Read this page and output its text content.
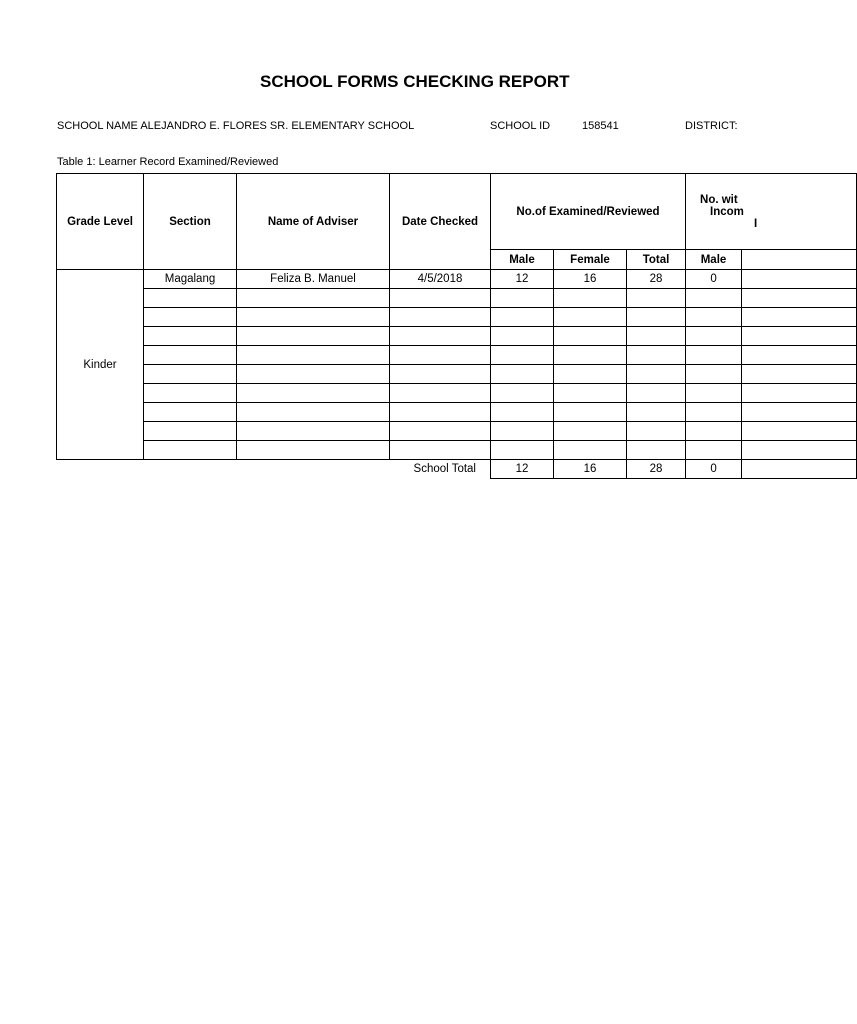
SCHOOL FORMS CHECKING REPORT
SCHOOL NAME ALEJANDRO E. FLORES SR. ELEMENTARY SCHOOL	SCHOOL ID	158541	DISTRICT:
Table 1: Learner Record Examined/Reviewed
Grade Level	Section	Name of Adviser	Date Checked	No.of Examined/Reviewed			No. wit
Incom
I	

				Male	Female	Total	Male	
Kinder	Magalang	Feliza B. Manuel	4/5/2018	12	16	28	0	

			School Total	12	16	28	0	
